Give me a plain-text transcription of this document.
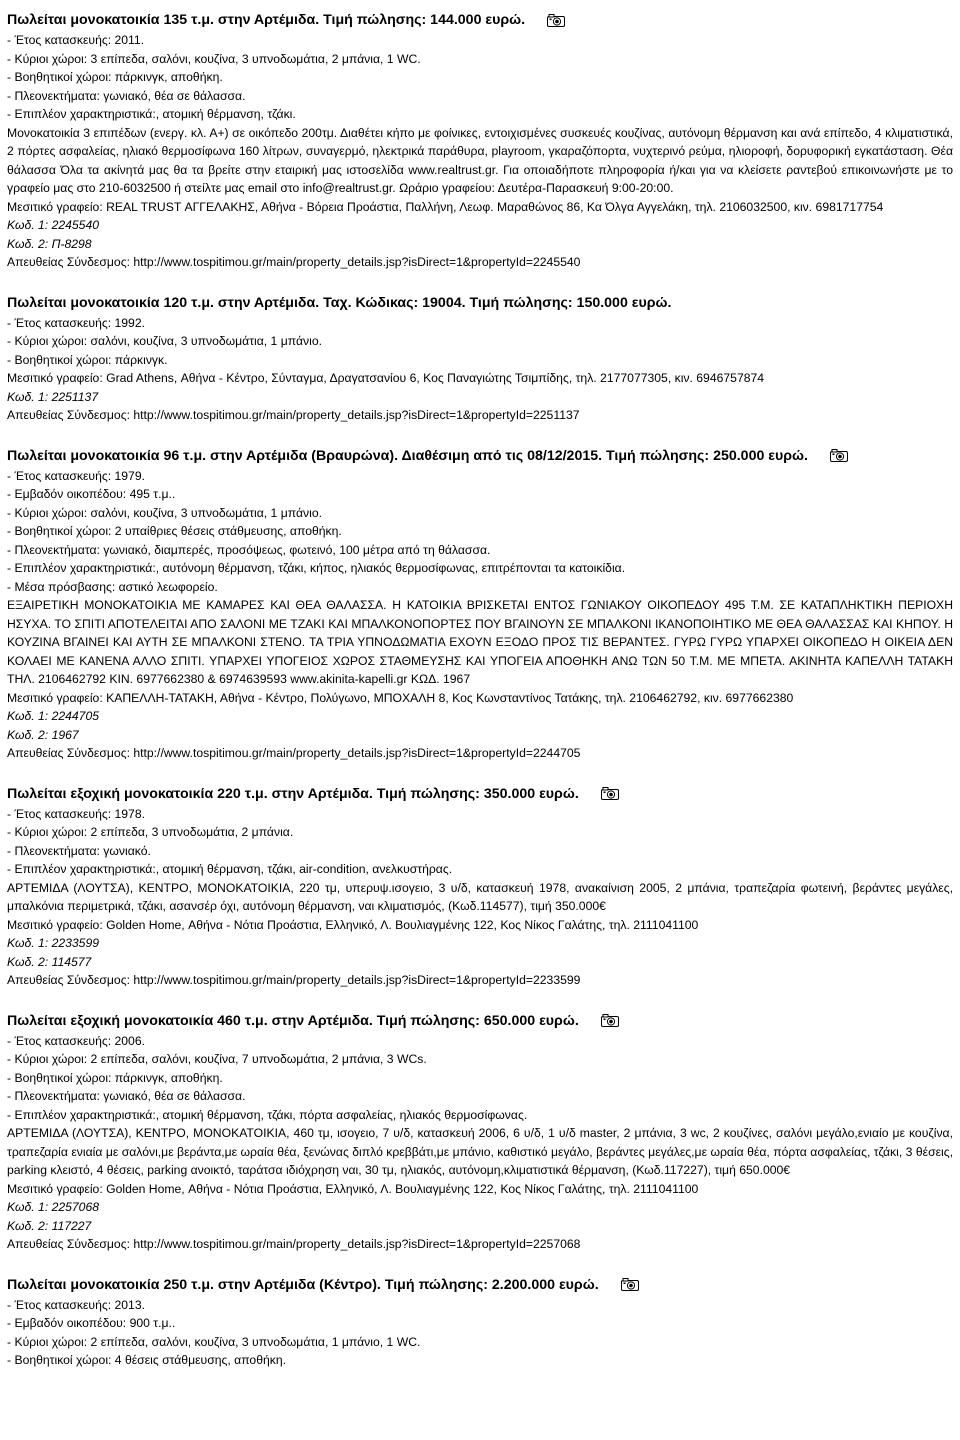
Πωλείται μονοκατοικία 135 τ.μ. στην Αρτέμιδα. Τιμή πώλησης: 144.000 ευρώ.
- Έτος κατασκευής: 2011.
- Κύριοι χώροι: 3 επίπεδα, σαλόνι, κουζίνα, 3 υπνοδωμάτια, 2 μπάνια, 1 WC.
- Βοηθητικοί χώροι: πάρκινγκ, αποθήκη.
- Πλεονεκτήματα: γωνιακό, θέα σε θάλασσα.
- Επιπλέον χαρακτηριστικά:, ατομική θέρμανση, τζάκι.
Μονοκατοικία 3 επιπέδων (ενεργ. κλ. Α+) σε οικόπεδο 200τμ. Διαθέτει κήπο με φοίνικες, εντοιχισμένες συσκευές κουζίνας, αυτόνομη θέρμανση και ανά επίπεδο, 4 κλιματιστικά, 2 πόρτες ασφαλείας, ηλιακό θερμοσίφωνα 160 λίτρων, συναγερμό, ηλεκτρικά παράθυρα, playroom, γκαραζόπορτα, νυχτερινό ρεύμα, ηλιοροφή, δορυφορική εγκατάσταση. Θέα θάλασσα Όλα τα ακίνητά μας θα τα βρείτε στην εταιρική μας ιστοσελίδα www.realtrust.gr. Για οποιαδήποτε πληροφορία ή/και για να κλείσετε ραντεβού επικοινωνήστε με το γραφείο μας στο 210-6032500 ή στείλτε μας email στο info@realtrust.gr. Ωράριο γραφείου: Δευτέρα-Παρασκευή 9:00-20:00.
Μεσιτικό γραφείο: REAL TRUST ΑΓΓΕΛΑΚΗΣ, Αθήνα - Βόρεια Προάστια, Παλλήνη, Λεωφ. Μαραθώνος 86, Κα Όλγα Αγγελάκη, τηλ. 2106032500, κιν. 6981717754
Κωδ. 1: 2245540
Κωδ. 2: Π-8298
Απευθείας Σύνδεσμος: http://www.tospitimou.gr/main/property_details.jsp?isDirect=1&propertyId=2245540
Πωλείται μονοκατοικία 120 τ.μ. στην Αρτέμιδα. Ταχ. Κώδικας: 19004. Τιμή πώλησης: 150.000 ευρώ.
- Έτος κατασκευής: 1992.
- Κύριοι χώροι: σαλόνι, κουζίνα, 3 υπνοδωμάτια, 1 μπάνιο.
- Βοηθητικοί χώροι: πάρκινγκ.
Μεσιτικό γραφείο: Grad Athens, Αθήνα - Κέντρο, Σύνταγμα, Δραγατσανίου 6, Κος Παναγιώτης Τσιμπίδης, τηλ. 2177077305, κιν. 6946757874
Κωδ. 1: 2251137
Απευθείας Σύνδεσμος: http://www.tospitimou.gr/main/property_details.jsp?isDirect=1&propertyId=2251137
Πωλείται μονοκατοικία 96 τ.μ. στην Αρτέμιδα (Βραυρώνα). Διαθέσιμη από τις 08/12/2015. Τιμή πώλησης: 250.000 ευρώ.
- Έτος κατασκευής: 1979.
- Εμβαδόν οικοπέδου: 495 τ.μ..
- Κύριοι χώροι: σαλόνι, κουζίνα, 3 υπνοδωμάτια, 1 μπάνιο.
- Βοηθητικοί χώροι: 2 υπαίθριες θέσεις στάθμευσης, αποθήκη.
- Πλεονεκτήματα: γωνιακό, διαμπερές, προσόψεως, φωτεινό, 100 μέτρα από τη θάλασσα.
- Επιπλέον χαρακτηριστικά:, αυτόνομη θέρμανση, τζάκι, κήπος, ηλιακός θερμοσίφωνας, επιτρέπονται τα κατοικίδια.
- Μέσα πρόσβασης: αστικό λεωφορείο.
ΕΞΑΙΡΕΤΙΚΗ ΜΟΝΟΚΑΤΟΙΚΙΑ ΜΕ ΚΑΜΑΡΕΣ ΚΑΙ ΘΕΑ ΘΑΛΑΣΣΑ. Η ΚΑΤΟΙΚΙΑ ΒΡΙΣΚΕΤΑΙ ΕΝΤΟΣ ΓΩΝΙΑΚΟΥ ΟΙΚΟΠΕΔΟΥ 495 Τ.Μ. ΣΕ ΚΑΤΑΠΛΗΚΤΙΚΗ ΠΕΡΙΟΧΗ ΗΣΥΧΑ. ΤΟ ΣΠΙΤΙ ΑΠΟΤΕΛΕΙΤΑΙ ΑΠΟ ΣΑΛΟΝΙ ΜΕ ΤΖΑΚΙ ΚΑΙ ΜΠΑΛΚΟΝΟΠΟΡΤΕΣ ΠΟΥ ΒΓΑΙΝΟΥΝ ΣΕ ΜΠΑΛΚΟΝΙ ΙΚΑΝΟΠΟΙΗΤΙΚΟ ΜΕ ΘΕΑ ΘΑΛΑΣΣΑΣ ΚΑΙ ΚΗΠΟΥ. Η ΚΟΥΖΙΝΑ ΒΓΑΙΝΕΙ ΚΑΙ ΑΥΤΗ ΣΕ ΜΠΑΛΚΟΝΙ ΣΤΕΝΟ. ΤΑ ΤΡΙΑ ΥΠΝΟΔΩΜΑΤΙΑ ΕΧΟΥΝ ΕΞΟΔΟ ΠΡΟΣ ΤΙΣ ΒΕΡΑΝΤΕΣ. ΓΥΡΩ ΓΥΡΩ ΥΠΑΡΧΕΙ ΟΙΚΟΠΕΔΟ Η ΟΙΚΕΙΑ ΔΕΝ ΚΟΛΑΕΙ ΜΕ ΚΑΝΕΝΑ ΑΛΛΟ ΣΠΙΤΙ. ΥΠΑΡΧΕΙ ΥΠΟΓΕΙΟΣ ΧΩΡΟΣ ΣΤΑΘΜΕΥΣΗΣ ΚΑΙ ΥΠΟΓΕΙΑ ΑΠΟΘΗΚΗ ΑΝΩ ΤΩΝ 50 Τ.Μ. ΜΕ ΜΠΕΤΑ. ΑΚΙΝΗΤΑ ΚΑΠΕΛΛΗ ΤΑΤΑΚΗ ΤΗΛ. 2106462792 ΚΙΝ. 6977662380 & 6974639593 www.akinita-kapelli.gr ΚΩΔ. 1967
Μεσιτικό γραφείο: ΚΑΠΕΛΛΗ-ΤΑΤΑΚΗ, Αθήνα - Κέντρο, Πολύγωνο, ΜΠΟΧΑΛΗ 8, Κος Κωνσταντίνος Τατάκης, τηλ. 2106462792, κιν. 6977662380
Κωδ. 1: 2244705
Κωδ. 2: 1967
Απευθείας Σύνδεσμος: http://www.tospitimou.gr/main/property_details.jsp?isDirect=1&propertyId=2244705
Πωλείται εξοχική μονοκατοικία 220 τ.μ. στην Αρτέμιδα. Τιμή πώλησης: 350.000 ευρώ.
- Έτος κατασκευής: 1978.
- Κύριοι χώροι: 2 επίπεδα, 3 υπνοδωμάτια, 2 μπάνια.
- Πλεονεκτήματα: γωνιακό.
- Επιπλέον χαρακτηριστικά:, ατομική θέρμανση, τζάκι, air-condition, ανελκυστήρας.
ΑΡΤΕΜΙΔΑ (ΛΟΥΤΣΑ), ΚΕΝΤΡΟ, ΜΟΝΟΚΑΤΟΙΚΙΑ, 220 τμ, υπερυψ.ισογειο, 3 υ/δ, κατασκευή 1978, ανακαίνιση 2005, 2 μπάνια, τραπεζαρία φωτεινή, βεράντες μεγάλες, μπαλκόνια περιμετρικά, τζάκι, ασανσέρ όχι, αυτόνομη θέρμανση, ναι κλιματισμός, (Κωδ.114577), τιμή 350.000€
Μεσιτικό γραφείο: Golden Home, Αθήνα - Νότια Προάστια, Ελληνικό, Λ. Βουλιαγμένης 122, Κος Νίκος Γαλάτης, τηλ. 2111041100
Κωδ. 1: 2233599
Κωδ. 2: 114577
Απευθείας Σύνδεσμος: http://www.tospitimou.gr/main/property_details.jsp?isDirect=1&propertyId=2233599
Πωλείται εξοχική μονοκατοικία 460 τ.μ. στην Αρτέμιδα. Τιμή πώλησης: 650.000 ευρώ.
- Έτος κατασκευής: 2006.
- Κύριοι χώροι: 2 επίπεδα, σαλόνι, κουζίνα, 7 υπνοδωμάτια, 2 μπάνια, 3 WCs.
- Βοηθητικοί χώροι: πάρκινγκ, αποθήκη.
- Πλεονεκτήματα: γωνιακό, θέα σε θάλασσα.
- Επιπλέον χαρακτηριστικά:, ατομική θέρμανση, τζάκι, πόρτα ασφαλείας, ηλιακός θερμοσίφωνας.
ΑΡΤΕΜΙΔΑ (ΛΟΥΤΣΑ), ΚΕΝΤΡΟ, ΜΟΝΟΚΑΤΟΙΚΙΑ, 460 τμ, ισογειο, 7 υ/δ, κατασκευή 2006, 6 υ/δ, 1 υ/δ master, 2 μπάνια, 3 wc, 2 κουζίνες, σαλόνι μεγάλο,ενιαίο με κουζίνα, τραπεζαρία ενιαία με σαλόνι,με βεράντα,με ωραία θέα, ξενώνας διπλό κρεββάτι,με μπάνιο, καθιστικό μεγάλο, βεράντες μεγάλες,με ωραία θέα, πόρτα ασφαλείας, τζάκι, 3 θέσεις, parking κλειστό, 4 θέσεις, parking ανοικτό, ταράτσα ιδιόχρηση ναι, 30 τμ, ηλιακός, αυτόνομη,κλιματιστικά θέρμανση, (Κωδ.117227), τιμή 650.000€
Μεσιτικό γραφείο: Golden Home, Αθήνα - Νότια Προάστια, Ελληνικό, Λ. Βουλιαγμένης 122, Κος Νίκος Γαλάτης, τηλ. 2111041100
Κωδ. 1: 2257068
Κωδ. 2: 117227
Απευθείας Σύνδεσμος: http://www.tospitimou.gr/main/property_details.jsp?isDirect=1&propertyId=2257068
Πωλείται μονοκατοικία 250 τ.μ. στην Αρτέμιδα (Κέντρο). Τιμή πώλησης: 2.200.000 ευρώ.
- Έτος κατασκευής: 2013.
- Εμβαδόν οικοπέδου: 900 τ.μ..
- Κύριοι χώροι: 2 επίπεδα, σαλόνι, κουζίνα, 3 υπνοδωμάτια, 1 μπάνιο, 1 WC.
- Βοηθητικοί χώροι: 4 θέσεις στάθμευσης, αποθήκη.
